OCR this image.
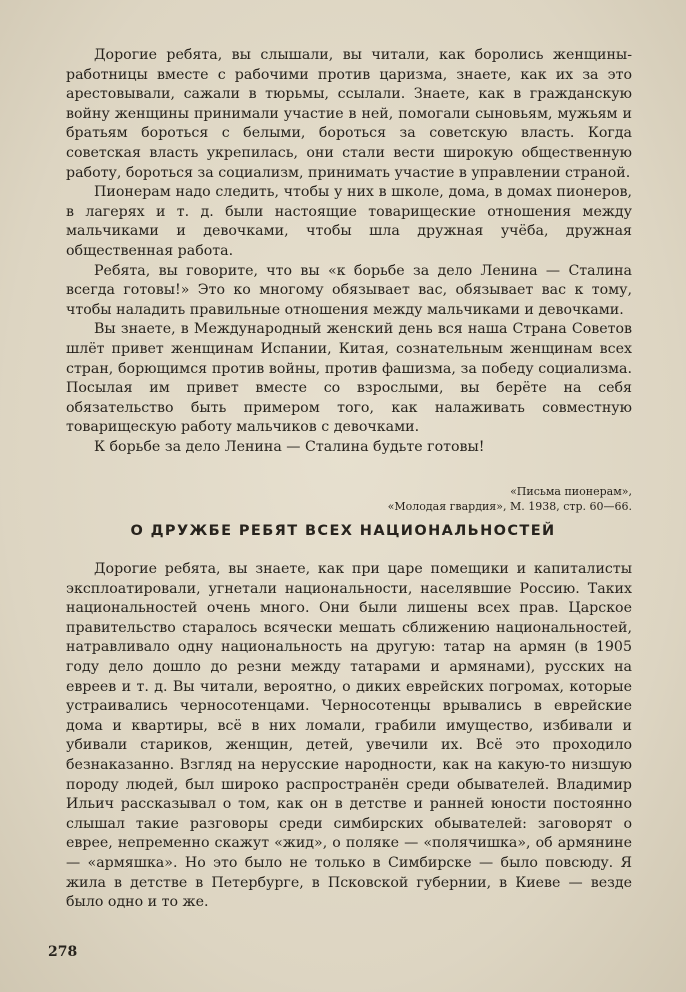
Дорогие ребята, вы слышали, вы читали, как боролись женщины-работницы вместе с рабочими против царизма, знаете, как их за это арестовывали, сажали в тюрьмы, ссылали. Знаете, как в гражданскую войну женщины принимали участие в ней, помогали сыновьям, мужьям и братьям бороться с белыми, бороться за советскую власть. Когда советская власть укрепилась, они стали вести широкую общественную работу, бороться за социализм, принимать участие в управлении страной.

Пионерам надо следить, чтобы у них в школе, дома, в домах пионеров, в лагерях и т. д. были настоящие товарищеские отношения между мальчиками и девочками, чтобы шла дружная учёба, дружная общественная работа.

Ребята, вы говорите, что вы «к борьбе за дело Ленина — Сталина всегда готовы!» Это ко многому обязывает вас, обязывает вас к тому, чтобы наладить правильные отношения между мальчиками и девочками.

Вы знаете, в Международный женский день вся наша Страна Советов шлёт привет женщинам Испании, Китая, сознательным женщинам всех стран, борющимся против войны, против фашизма, за победу социализма. Посылая им привет вместе со взрослыми, вы берёте на себя обязательство быть примером того, как налаживать совместную товарищескую работу мальчиков с девочками.

К борьбе за дело Ленина — Сталина будьте готовы!

«Письма пионерам»,
«Молодая гвардия», М. 1938, стр. 60—66.
О ДРУЖБЕ РЕБЯТ ВСЕХ НАЦИОНАЛЬНОСТЕЙ

Дорогие ребята, вы знаете, как при царе помещики и капиталисты эксплоатировали, угнетали национальности, населявшие Россию. Таких национальностей очень много. Они были лишены всех прав. Царское правительство старалось всячески мешать сближению национальностей, натравливало одну национальность на другую: татар на армян (в 1905 году дело дошло до резни между татарами и армянами), русских на евреев и т. д. Вы читали, вероятно, о диких еврейских погромах, которые устраивались черносотенцами. Черносотенцы врывались в еврейские дома и квартиры, всё в них ломали, грабили имущество, избивали и убивали стариков, женщин, детей, увечили их. Всё это проходило безнаказанно. Взгляд на нерусские народности, как на какую-то низшую породу людей, был широко распространён среди обывателей. Владимир Ильич рассказывал о том, как он в детстве и ранней юности постоянно слышал такие разговоры среди симбирских обывателей: заговорят о еврее, непременно скажут «жид», о поляке — «полячишка», об армянине — «армяшка». Но это было не только в Симбирске — было повсюду. Я жила в детстве в Петербурге, в Псковской губернии, в Киеве — везде было одно и то же.

278
